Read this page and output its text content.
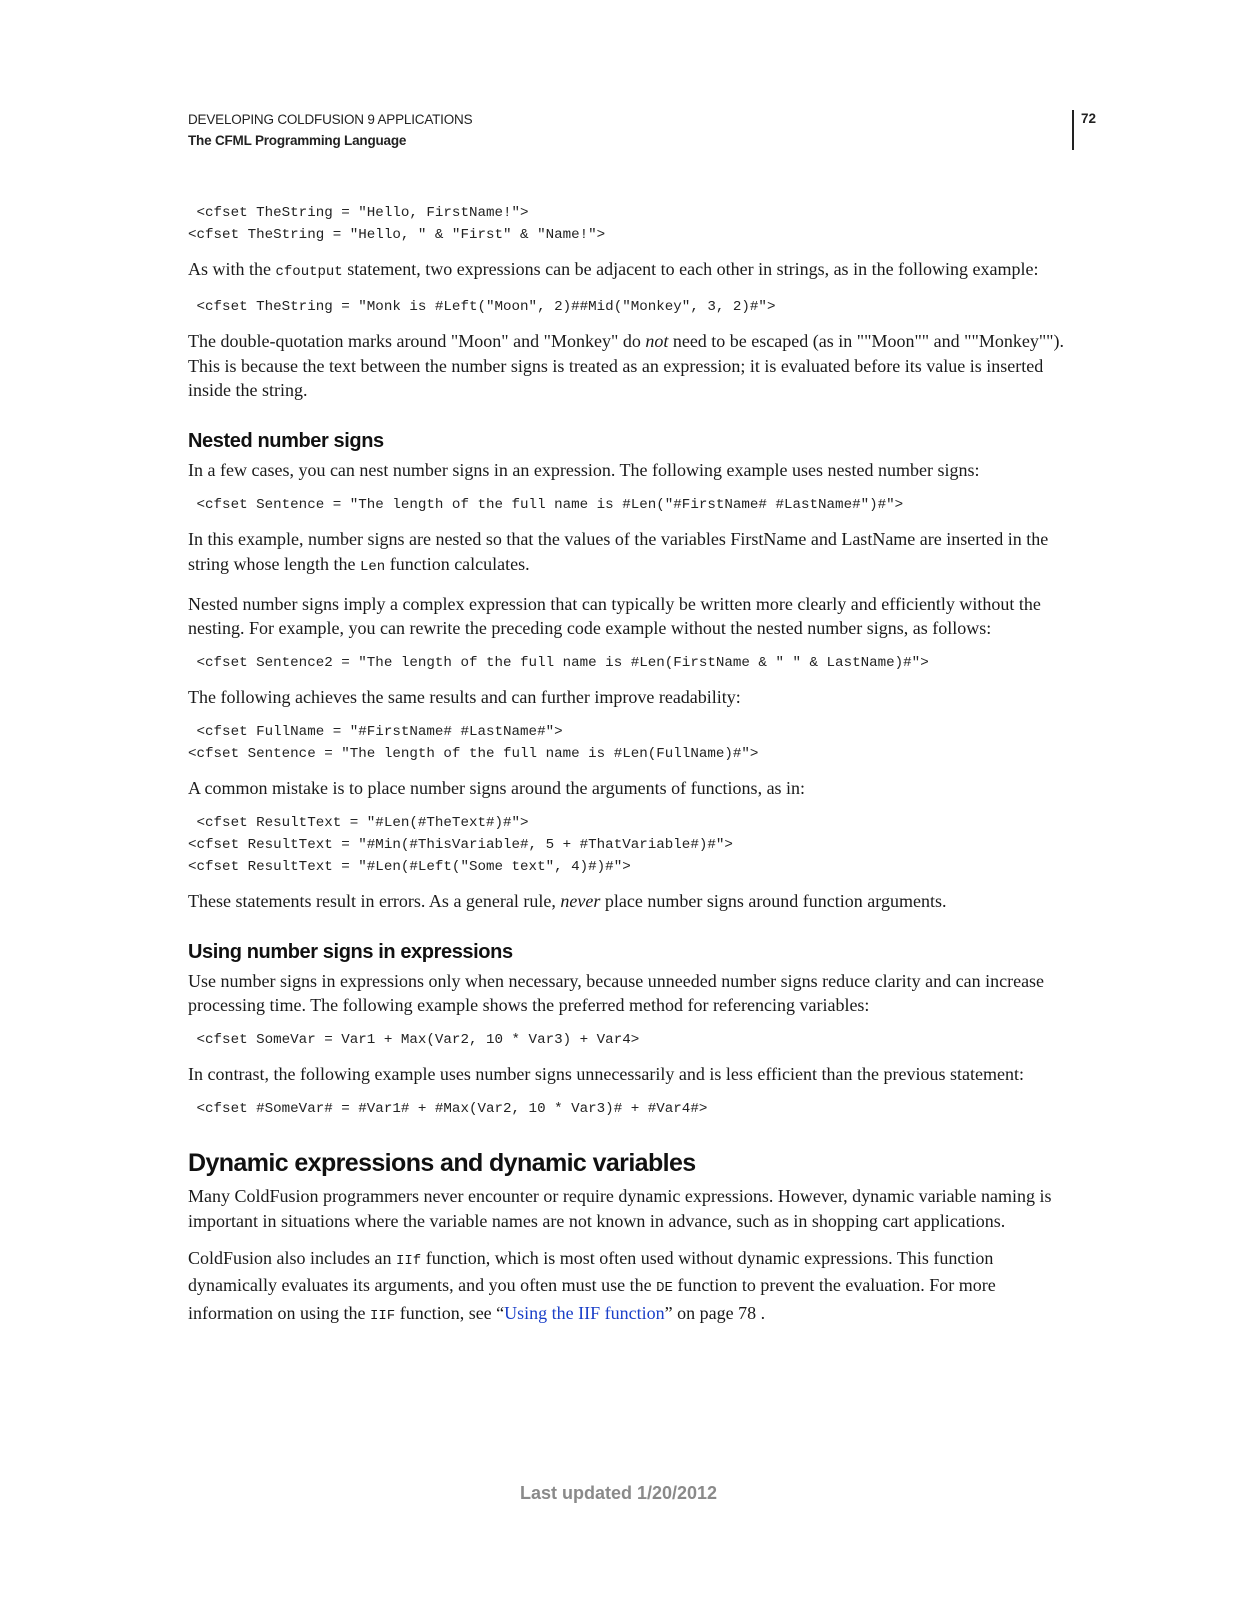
DEVELOPING COLDFUSION 9 APPLICATIONS
The CFML Programming Language
72
<cfset TheString = "Hello, FirstName!">
<cfset TheString = "Hello, " & "First" & "Name!">

As with the cfoutput statement, two expressions can be adjacent to each other in strings, as in the following example:

<cfset TheString = "Monk is #Left("Moon", 2)##Mid("Monkey", 3, 2)#">

The double-quotation marks around "Moon" and "Monkey" do not need to be escaped (as in ""Moon"" and ""Monkey""). This is because the text between the number signs is treated as an expression; it is evaluated before its value is inserted inside the string.

Nested number signs

In a few cases, you can nest number signs in an expression. The following example uses nested number signs:

<cfset Sentence = "The length of the full name is #Len("#FirstName# #LastName#")#">

In this example, number signs are nested so that the values of the variables FirstName and LastName are inserted in the string whose length the Len function calculates.

Nested number signs imply a complex expression that can typically be written more clearly and efficiently without the nesting. For example, you can rewrite the preceding code example without the nested number signs, as follows:

<cfset Sentence2 = "The length of the full name is #Len(FirstName & " " & LastName)#">

The following achieves the same results and can further improve readability:

<cfset FullName = "#FirstName# #LastName#">
<cfset Sentence = "The length of the full name is #Len(FullName)#">

A common mistake is to place number signs around the arguments of functions, as in:

<cfset ResultText = "#Len(#TheText#)#">
<cfset ResultText = "#Min(#ThisVariable#, 5 + #ThatVariable#)#">
<cfset ResultText = "#Len(#Left("Some text", 4)#)#">

These statements result in errors. As a general rule, never place number signs around function arguments.

Using number signs in expressions

Use number signs in expressions only when necessary, because unneeded number signs reduce clarity and can increase processing time. The following example shows the preferred method for referencing variables:

<cfset SomeVar = Var1 + Max(Var2, 10 * Var3) + Var4>

In contrast, the following example uses number signs unnecessarily and is less efficient than the previous statement:

<cfset #SomeVar# = #Var1# + #Max(Var2, 10 * Var3)# + #Var4#>
Dynamic expressions and dynamic variables

Many ColdFusion programmers never encounter or require dynamic expressions. However, dynamic variable naming is important in situations where the variable names are not known in advance, such as in shopping cart applications.

ColdFusion also includes an IIf function, which is most often used without dynamic expressions. This function dynamically evaluates its arguments, and you often must use the DE function to prevent the evaluation. For more information on using the IIF function, see “Using the IIF function” on page 78 .

Last updated 1/20/2012
